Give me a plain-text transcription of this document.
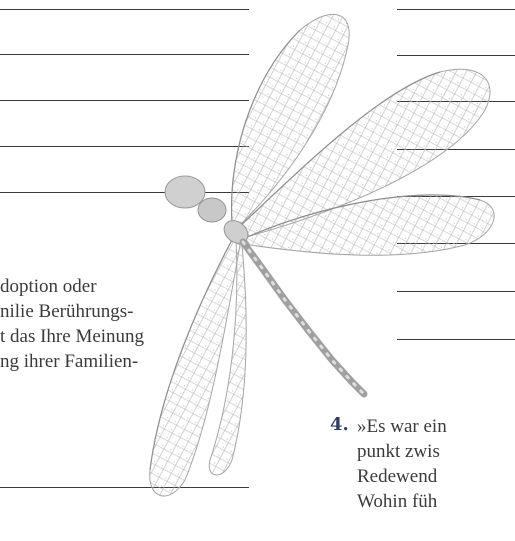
doption oder
nilie Berührungs-
t das Ihre Meinung
ng ihrer Familien-
4. »Es war ein
punkt zwis
Redewend
Wohin füh
